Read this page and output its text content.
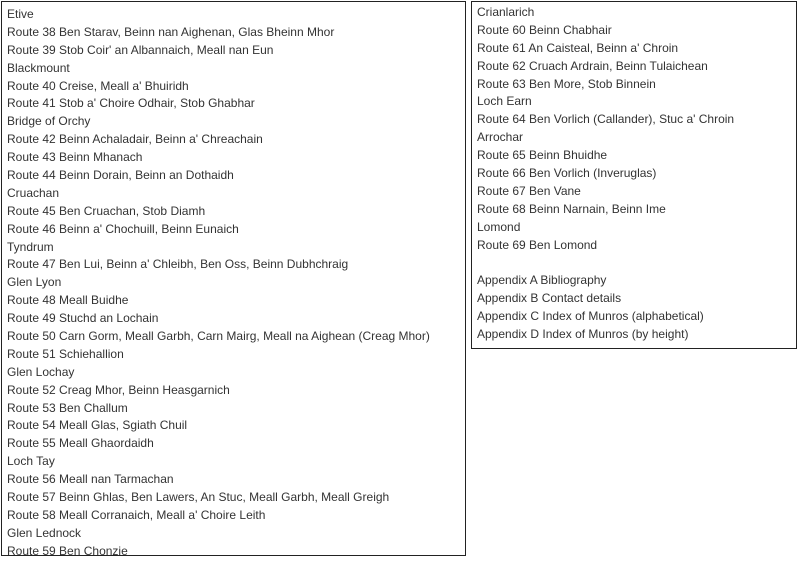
Etive
Route 38 Ben Starav, Beinn nan Aighenan, Glas Bheinn Mhor
Route 39 Stob Coir' an Albannaich, Meall nan Eun
Blackmount
Route 40 Creise, Meall a' Bhuiridh
Route 41 Stob a' Choire Odhair, Stob Ghabhar
Bridge of Orchy
Route 42 Beinn Achaladair, Beinn a' Chreachain
Route 43 Beinn Mhanach
Route 44 Beinn Dorain, Beinn an Dothaidh
Cruachan
Route 45 Ben Cruachan, Stob Diamh
Route 46 Beinn a' Chochuill, Beinn Eunaich
Tyndrum
Route 47 Ben Lui, Beinn a' Chleibh, Ben Oss, Beinn Dubhchraig
Glen Lyon
Route 48 Meall Buidhe
Route 49 Stuchd an Lochain
Route 50 Carn Gorm, Meall Garbh, Carn Mairg, Meall na Aighean (Creag Mhor)
Route 51 Schiehallion
Glen Lochay
Route 52 Creag Mhor, Beinn Heasgarnich
Route 53 Ben Challum
Route 54 Meall Glas, Sgiath Chuil
Route 55 Meall Ghaordaidh
Loch Tay
Route 56 Meall nan Tarmachan
Route 57 Beinn Ghlas, Ben Lawers, An Stuc, Meall Garbh, Meall Greigh
Route 58 Meall Corranaich, Meall a' Choire Leith
Glen Lednock
Route 59 Ben Chonzie
Crianlarich
Route 60 Beinn Chabhair
Route 61 An Caisteal, Beinn a' Chroin
Route 62 Cruach Ardrain, Beinn Tulaichean
Route 63 Ben More, Stob Binnein
Loch Earn
Route 64 Ben Vorlich (Callander), Stuc a' Chroin
Arrochar
Route 65 Beinn Bhuidhe
Route 66 Ben Vorlich (Inveruglas)
Route 67 Ben Vane
Route 68 Beinn Narnain, Beinn Ime
Lomond
Route 69 Ben Lomond
Appendix A Bibliography
Appendix B Contact details
Appendix C Index of Munros (alphabetical)
Appendix D Index of Munros (by height)
